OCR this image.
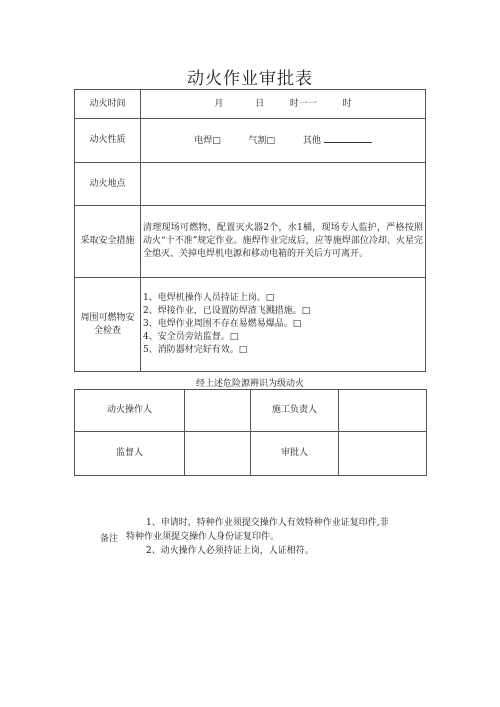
动火作业审批表
动火时间	月 日 时一一 时
动火性质	电焊□ 气割□ 其他
动火地点	
采取安全措施	清理现场可燃物，配置灭火器2个，水1桶，现场专人监护，严格按照动火“十不准”规定作业。施焊作业完成后，应等施焊部位冷却、火星完全熄灭、关掉电焊机电源和移动电箱的开关后方可离开。
周围可燃物安全检查	1、电焊机操作人员持证上岗。□
2、焊接作业，已设置防焊渣飞溅措施。□
3、电焊作业周围不存在易燃易爆品。□
4、安全员旁站监督。□
5、消防器材完好有效。□
经上述危险源辨识为级动火
动火操作人		施工负责人	
监督人		审批人	
备注
1、申请时，特种作业须提交操作人有效特种作业证复印件,非
特种作业须提交操作人身份证复印件。
2、动火操作人必须持证上岗，人证相符。
